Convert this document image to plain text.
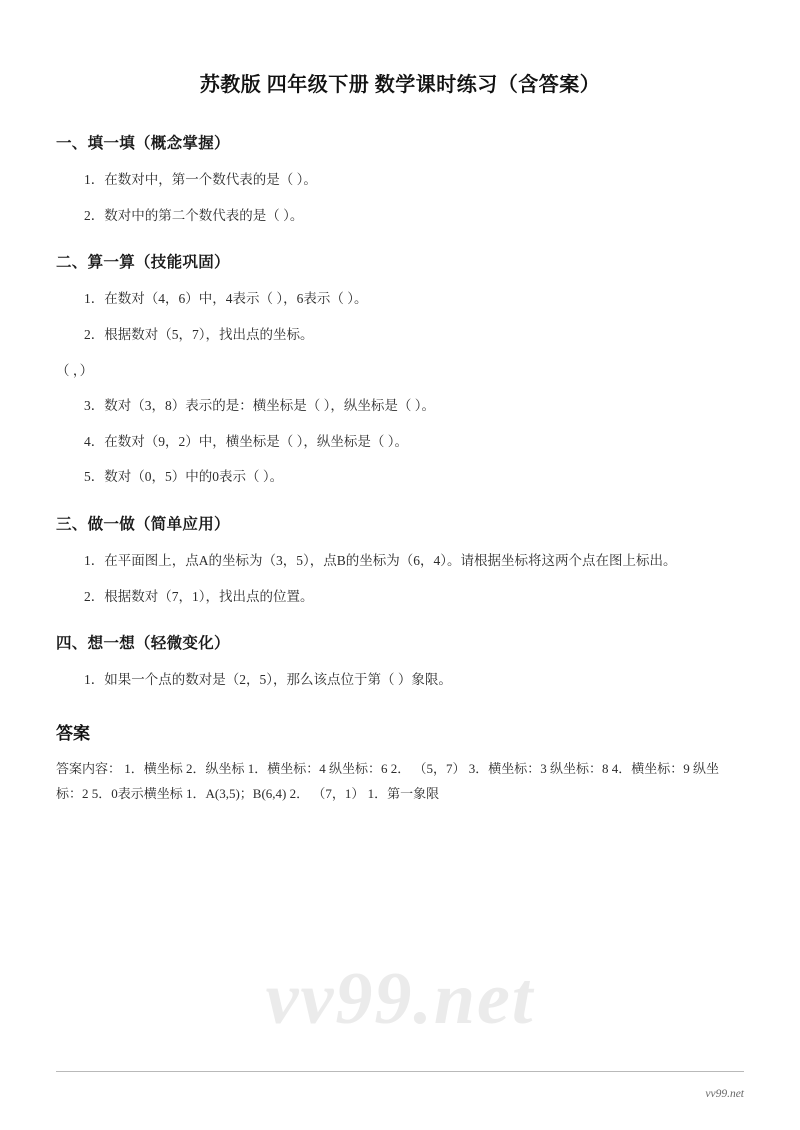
苏教版 四年级下册 数学课时练习（含答案）
一、填一填（概念掌握）

1．在数对中，第一个数代表的是（ ）。

2．数对中的第二个数代表的是（ ）。

二、算一算（技能巩固）

1．在数对（4，6）中，4表示（ ），6表示（ ）。

2．根据数对（5，7），找出点的坐标。

（ ，）

3．数对（3，8）表示的是：横坐标是（ ），纵坐标是（ ）。

4．在数对（9，2）中，横坐标是（ ），纵坐标是（ ）。

5．数对（0，5）中的0表示（ ）。

三、做一做（简单应用）

1．在平面图上，点A的坐标为（3，5），点B的坐标为（6，4）。请根据坐标将这两个点在图上标出。

2．根据数对（7，1），找出点的位置。

四、想一想（轻微变化）

1．如果一个点的数对是（2，5），那么该点位于第（ ）象限。

答案

答案内容： 1．横坐标 2．纵坐标 1．横坐标：4 纵坐标：6 2． （5，7） 3．横坐标：3 纵坐标：8 4．横坐标：9 纵坐标：2 5．0表示横坐标 1．A(3,5)；B(6,4) 2． （7，1） 1．第一象限

vv99.net
vv99.net
